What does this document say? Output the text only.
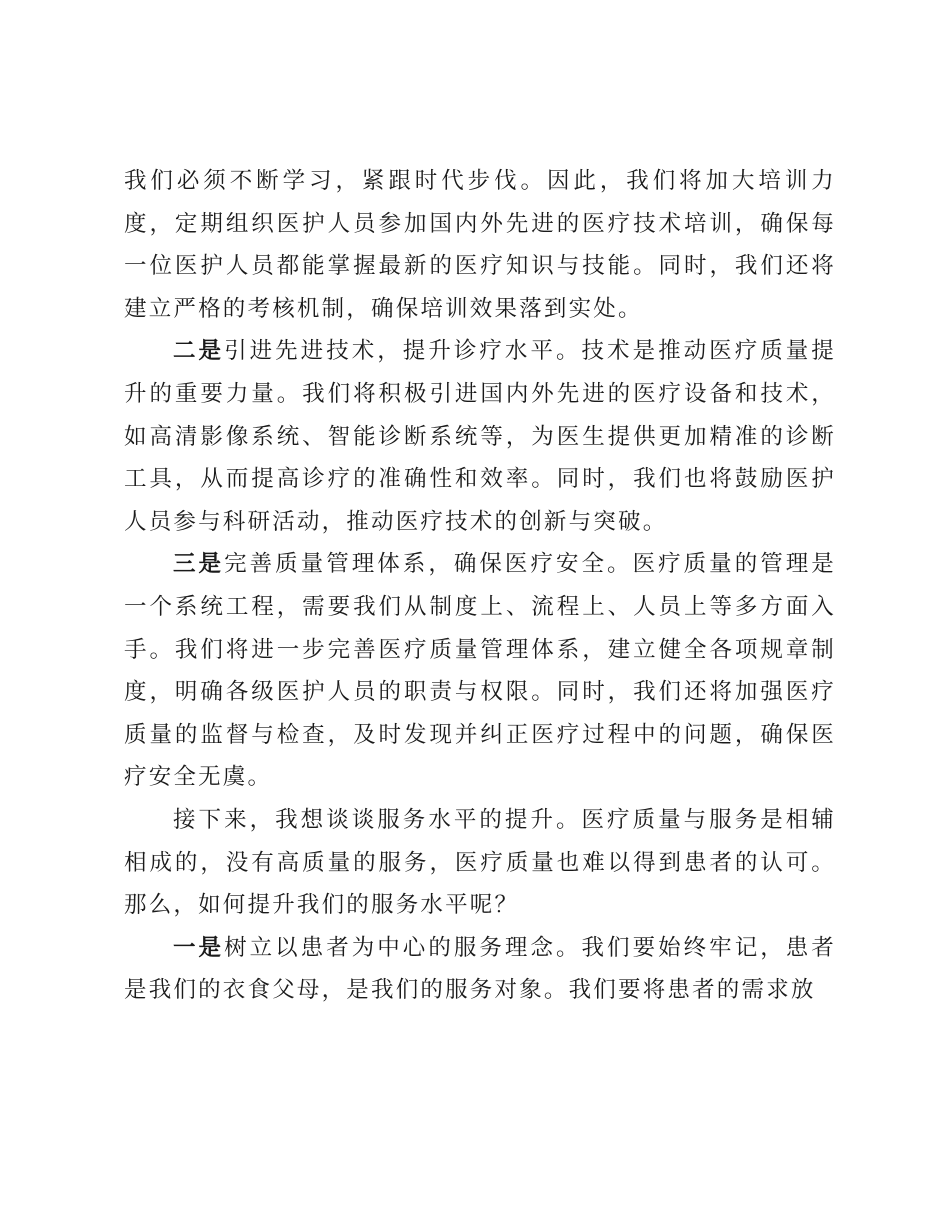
我们必须不断学习，紧跟时代步伐。因此，我们将加大培训力度，定期组织医护人员参加国内外先进的医疗技术培训，确保每一位医护人员都能掌握最新的医疗知识与技能。同时，我们还将建立严格的考核机制，确保培训效果落到实处。

二是引进先进技术，提升诊疗水平。技术是推动医疗质量提升的重要力量。我们将积极引进国内外先进的医疗设备和技术，如高清影像系统、智能诊断系统等，为医生提供更加精准的诊断工具，从而提高诊疗的准确性和效率。同时，我们也将鼓励医护人员参与科研活动，推动医疗技术的创新与突破。

三是完善质量管理体系，确保医疗安全。医疗质量的管理是一个系统工程，需要我们从制度上、流程上、人员上等多方面入手。我们将进一步完善医疗质量管理体系，建立健全各项规章制度，明确各级医护人员的职责与权限。同时，我们还将加强医疗质量的监督与检查，及时发现并纠正医疗过程中的问题，确保医疗安全无虞。

接下来，我想谈谈服务水平的提升。医疗质量与服务是相辅相成的，没有高质量的服务，医疗质量也难以得到患者的认可。那么，如何提升我们的服务水平呢？

一是树立以患者为中心的服务理念。我们要始终牢记，患者是我们的衣食父母，是我们的服务对象。我们要将患者的需求放
